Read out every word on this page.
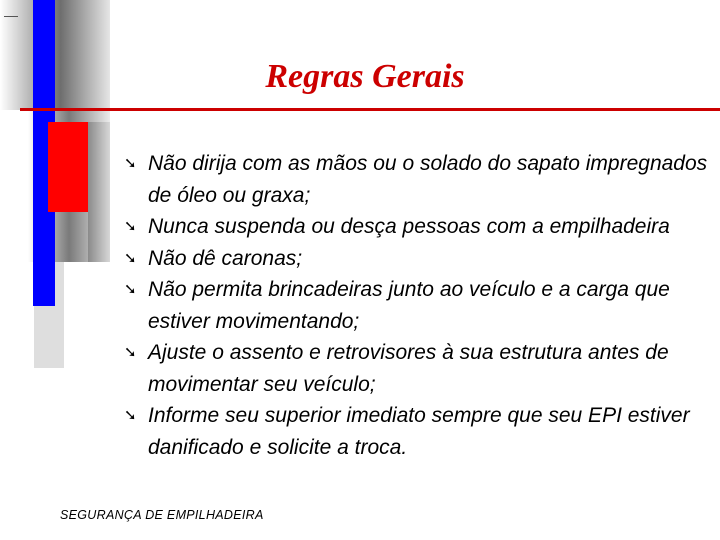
Regras Gerais
➘ Não dirija com as mãos ou o solado do sapato impregnados de óleo ou graxa;
➘ Nunca suspenda ou desça pessoas com a empilhadeira
➘ Não dê caronas;
➘ Não permita brincadeiras junto ao veículo e a carga que estiver movimentando;
➘ Ajuste o assento e retrovisores à sua estrutura antes de movimentar seu veículo;
➘ Informe seu superior imediato sempre que seu EPI estiver danificado e solicite a troca.
SEGURANÇA DE EMPILHADEIRA
